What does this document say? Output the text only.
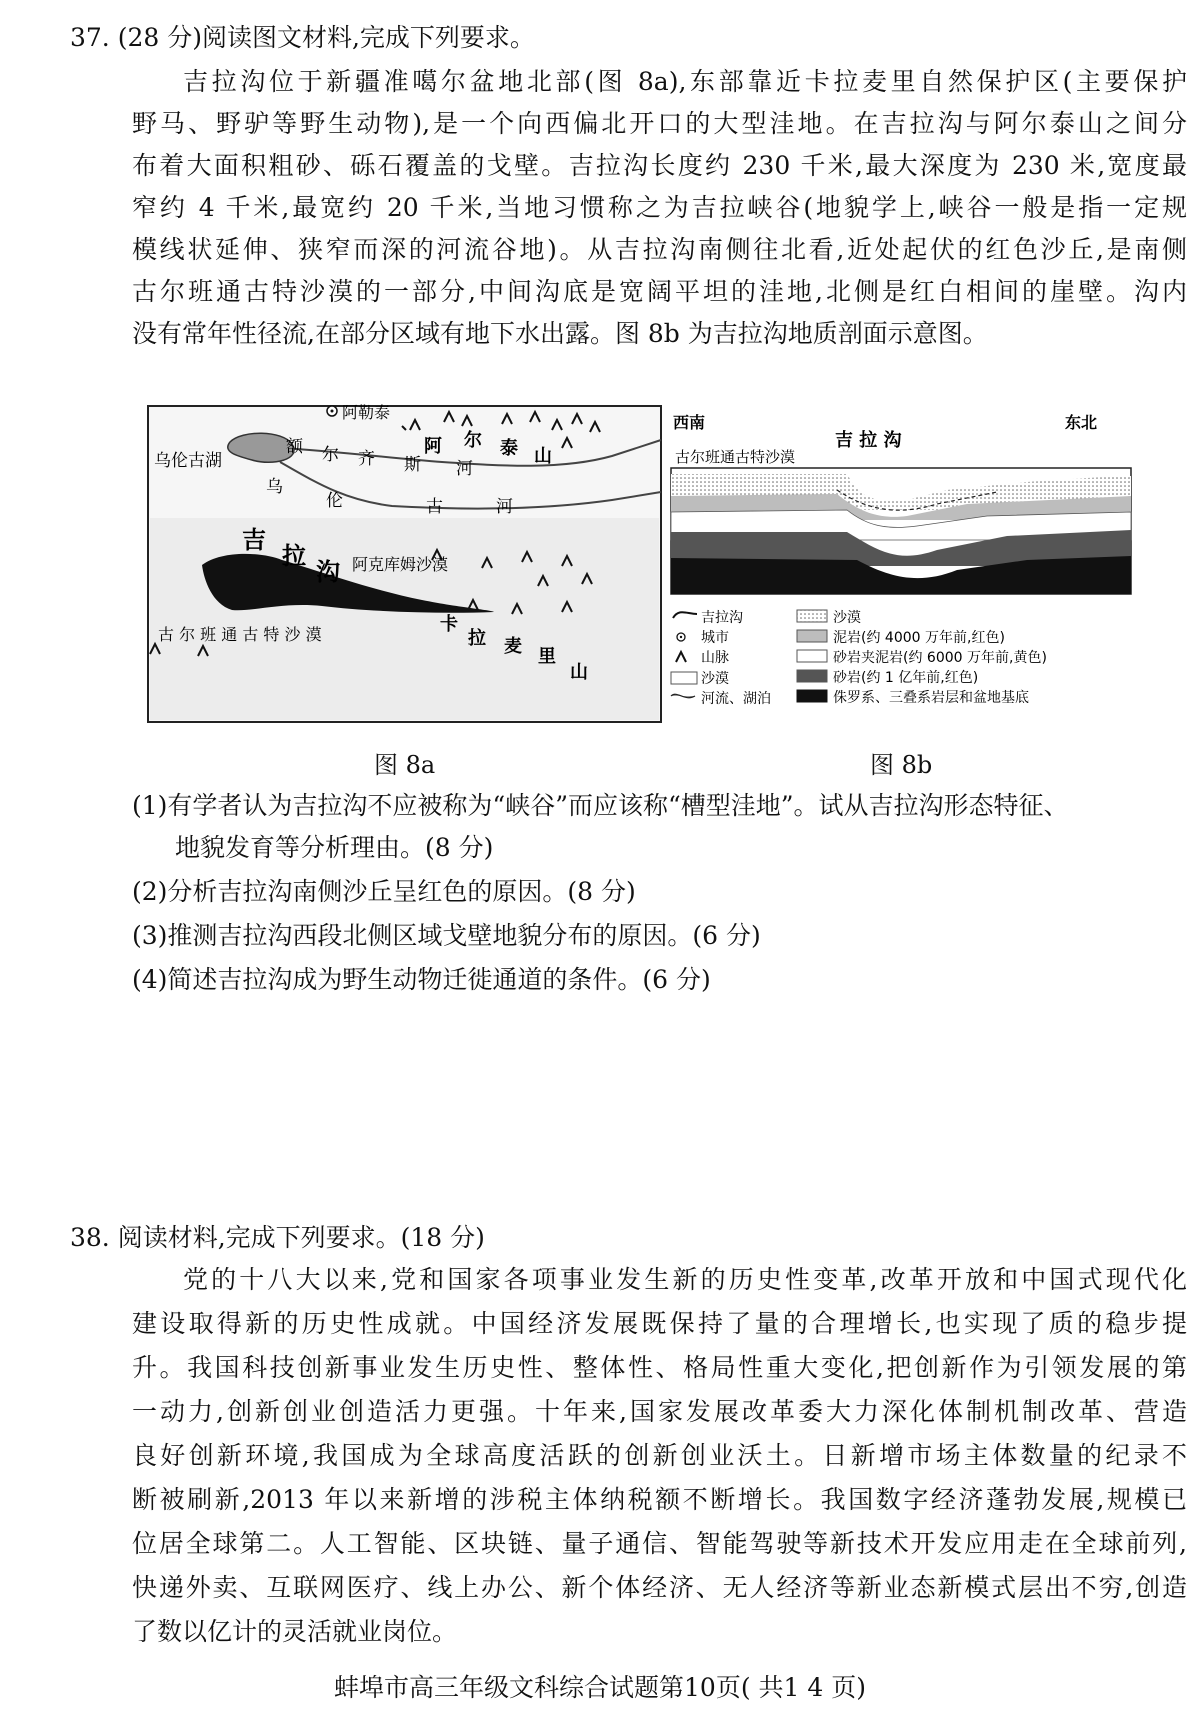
37. (28 分)阅读图文材料,完成下列要求。
吉拉沟位于新疆准噶尔盆地北部(图 8a),东部靠近卡拉麦里自然保护区(主要保护
野马、野驴等野生动物),是一个向西偏北开口的大型洼地。在吉拉沟与阿尔泰山之间分
布着大面积粗砂、砾石覆盖的戈壁。吉拉沟长度约 230 千米,最大深度为 230 米,宽度最
窄约 4 千米,最宽约 20 千米,当地习惯称之为吉拉峡谷(地貌学上,峡谷一般是指一定规
模线状延伸、狭窄而深的河流谷地)。从吉拉沟南侧往北看,近处起伏的红色沙丘,是南侧
古尔班通古特沙漠的一部分,中间沟底是宽阔平坦的洼地,北侧是红白相间的崖壁。沟内
没有常年性径流,在部分区域有地下水出露。图 8b 为吉拉沟地质剖面示意图。
阿勒泰
乌伦古湖
额 尔 齐 斯 河
阿 尔 泰 山
乌
伦	古	河
吉
拉
沟 阿克库姆沙漠
古 尔 班 通 古 特 沙 漠	卡
拉 麦 里
山
西南	东北
吉 拉 沟
古尔班通古特沙漠
吉拉沟
城市
山脉
沙漠
河流、湖泊
沙漠
泥岩(约 4000 万年前,红色)
砂岩夹泥岩(约 6000 万年前,黄色)
砂岩(约 1 亿年前,红色)
侏罗系、三叠系岩层和盆地基底
图 8a	图 8b
(1)有学者认为吉拉沟不应被称为“峡谷”而应该称“槽型洼地”。试从吉拉沟形态特征、
地貌发育等分析理由。(8 分)
(2)分析吉拉沟南侧沙丘呈红色的原因。(8 分)
(3)推测吉拉沟西段北侧区域戈壁地貌分布的原因。(6 分)
(4)简述吉拉沟成为野生动物迁徙通道的条件。(6 分)
38. 阅读材料,完成下列要求。(18 分)
党的十八大以来,党和国家各项事业发生新的历史性变革,改革开放和中国式现代化
建设取得新的历史性成就。中国经济发展既保持了量的合理增长,也实现了质的稳步提
升。我国科技创新事业发生历史性、整体性、格局性重大变化,把创新作为引领发展的第
一动力,创新创业创造活力更强。十年来,国家发展改革委大力深化体制机制改革、营造
良好创新环境,我国成为全球高度活跃的创新创业沃土。日新增市场主体数量的纪录不
断被刷新,2013 年以来新增的涉税主体纳税额不断增长。我国数字经济蓬勃发展,规模已
位居全球第二。人工智能、区块链、量子通信、智能驾驶等新技术开发应用走在全球前列,
快递外卖、互联网医疗、线上办公、新个体经济、无人经济等新业态新模式层出不穷,创造
了数以亿计的灵活就业岗位。
蚌埠市高三年级文科综合试题第10页( 共1 4 页)
